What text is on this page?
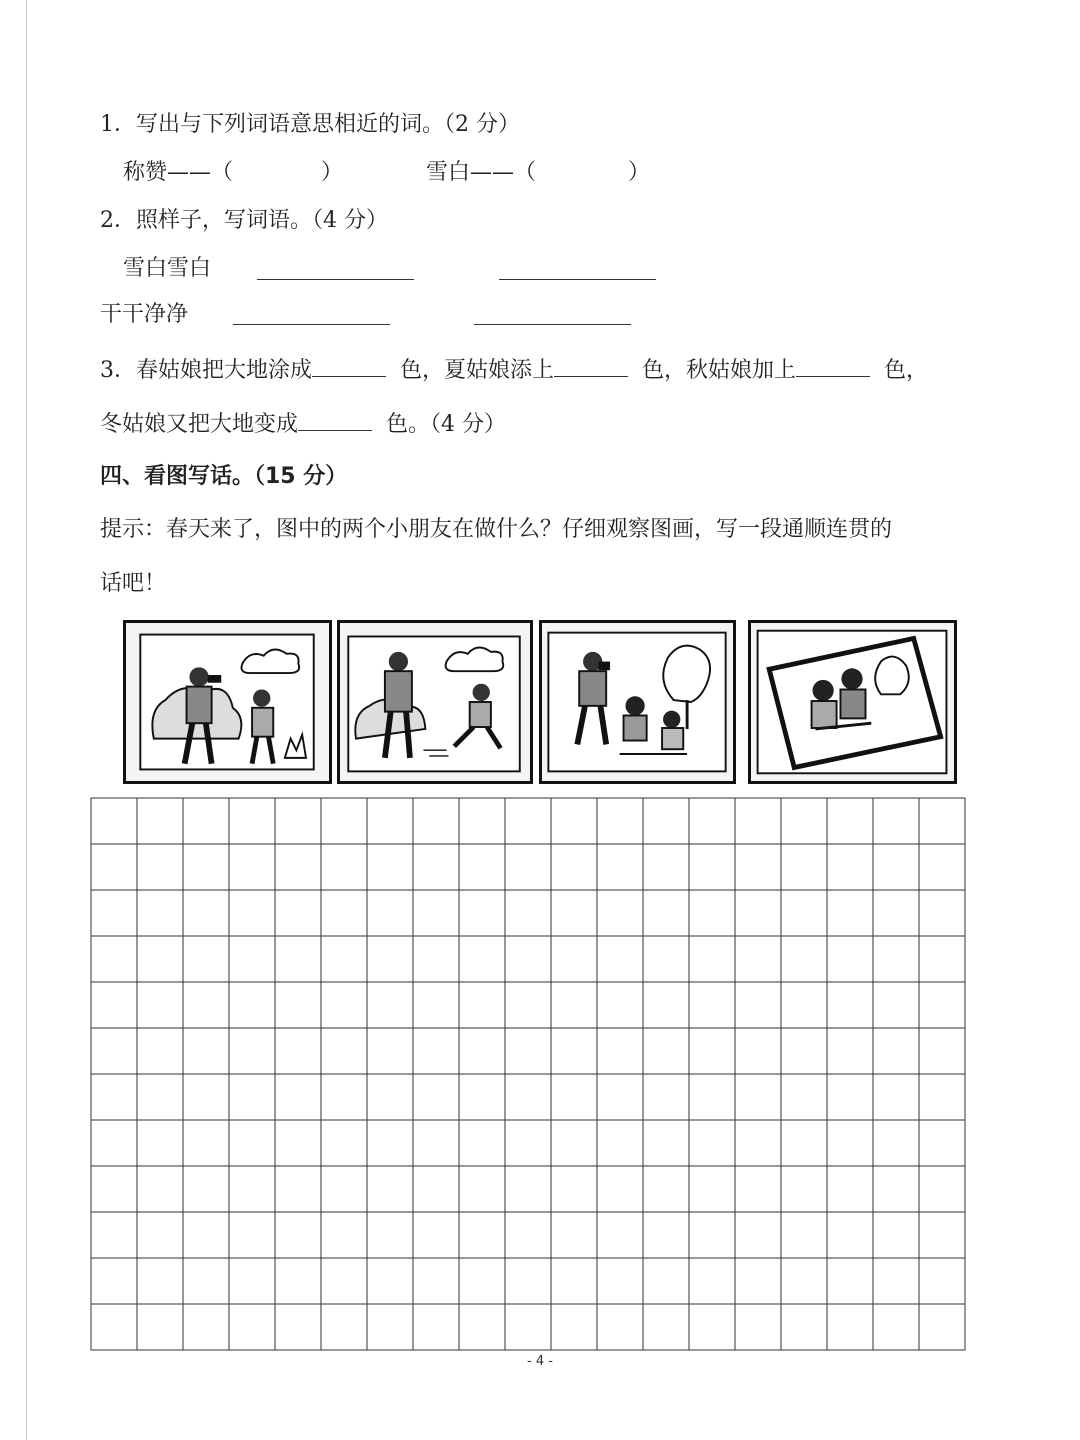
1．写出与下列词语意思相近的词。（2 分）
称赞——（	）	雪白——（	）
2．照样子，写词语。（4 分）
雪白雪白
干干净净
3．春姑娘把大地涂成	色，夏姑娘添上	色，秋姑娘加上	色，
冬姑娘又把大地变成	色。（4 分）
四、看图写话。（15 分）
提示：春天来了，图中的两个小朋友在做什么？仔细观察图画，写一段通顺连贯的
话吧！
- 4 -
